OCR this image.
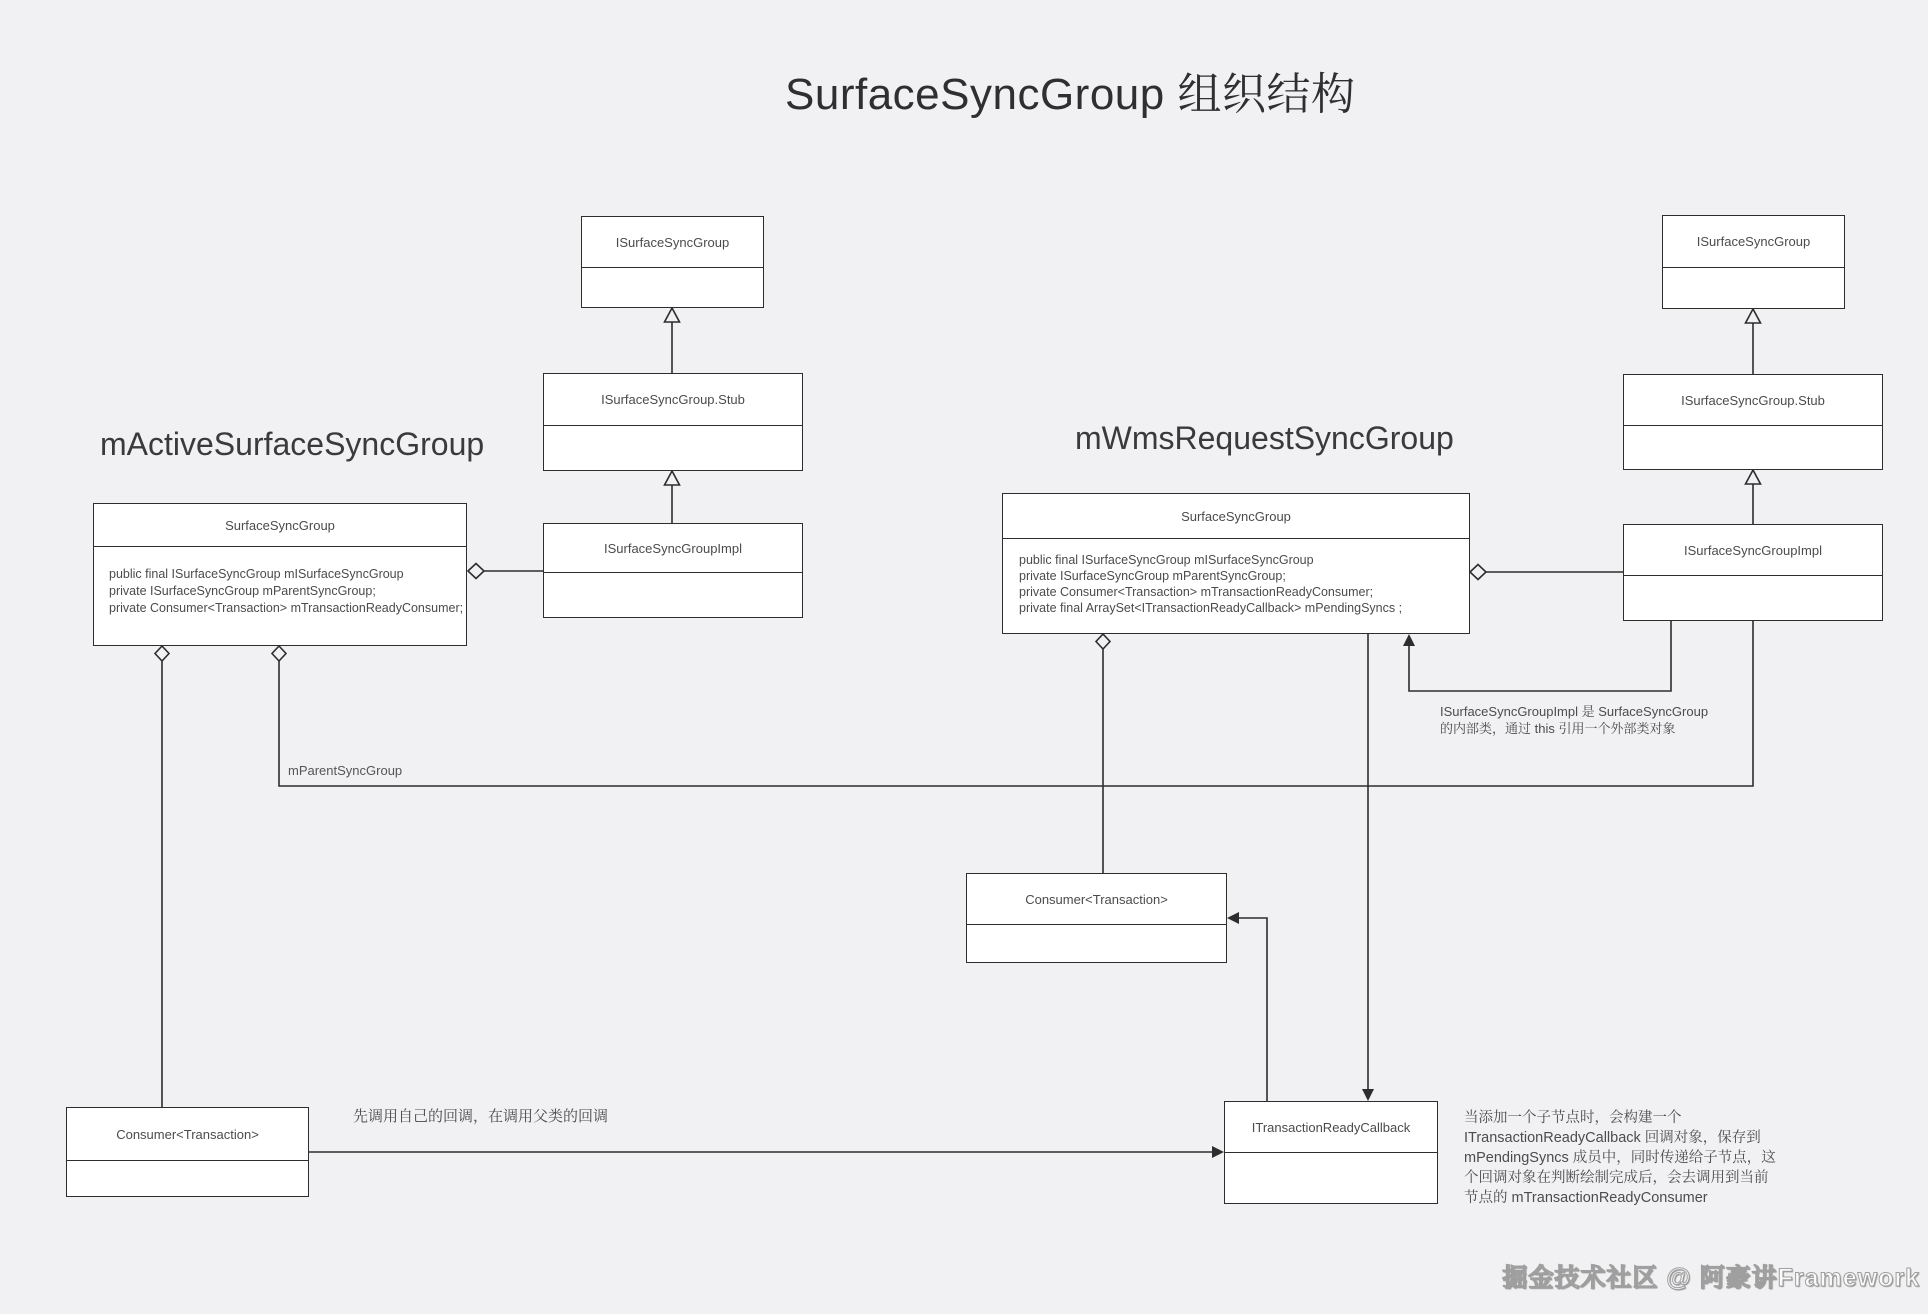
SurfaceSyncGroup 组织结构
mActiveSurfaceSyncGroup	mWmsRequestSyncGroup
ISurfaceSyncGroup
ISurfaceSyncGroup.Stub
ISurfaceSyncGroupImpl
SurfaceSyncGroup
public final ISurfaceSyncGroup mISurfaceSyncGroup
private ISurfaceSyncGroup mParentSyncGroup;
private Consumer<Transaction> mTransactionReadyConsumer;
SurfaceSyncGroup
public final ISurfaceSyncGroup mISurfaceSyncGroup
private ISurfaceSyncGroup mParentSyncGroup;
private Consumer<Transaction> mTransactionReadyConsumer;
private final ArraySet<ITransactionReadyCallback> mPendingSyncs ;
ISurfaceSyncGroup
ISurfaceSyncGroup.Stub
ISurfaceSyncGroupImpl
Consumer<Transaction>
Consumer<Transaction>	ITransactionReadyCallback
mParentSyncGroup
先调用自己的回调，在调用父类的回调
ISurfaceSyncGroupImpl 是 SurfaceSyncGroup
的内部类，通过 this 引用一个外部类对象
当添加一个子节点时，会构建一个
ITransactionReadyCallback 回调对象，保存到
mPendingSyncs 成员中，同时传递给子节点，这
个回调对象在判断绘制完成后，会去调用到当前
节点的 mTransactionReadyConsumer
掘金技术社区 @ 阿豪讲Framework
